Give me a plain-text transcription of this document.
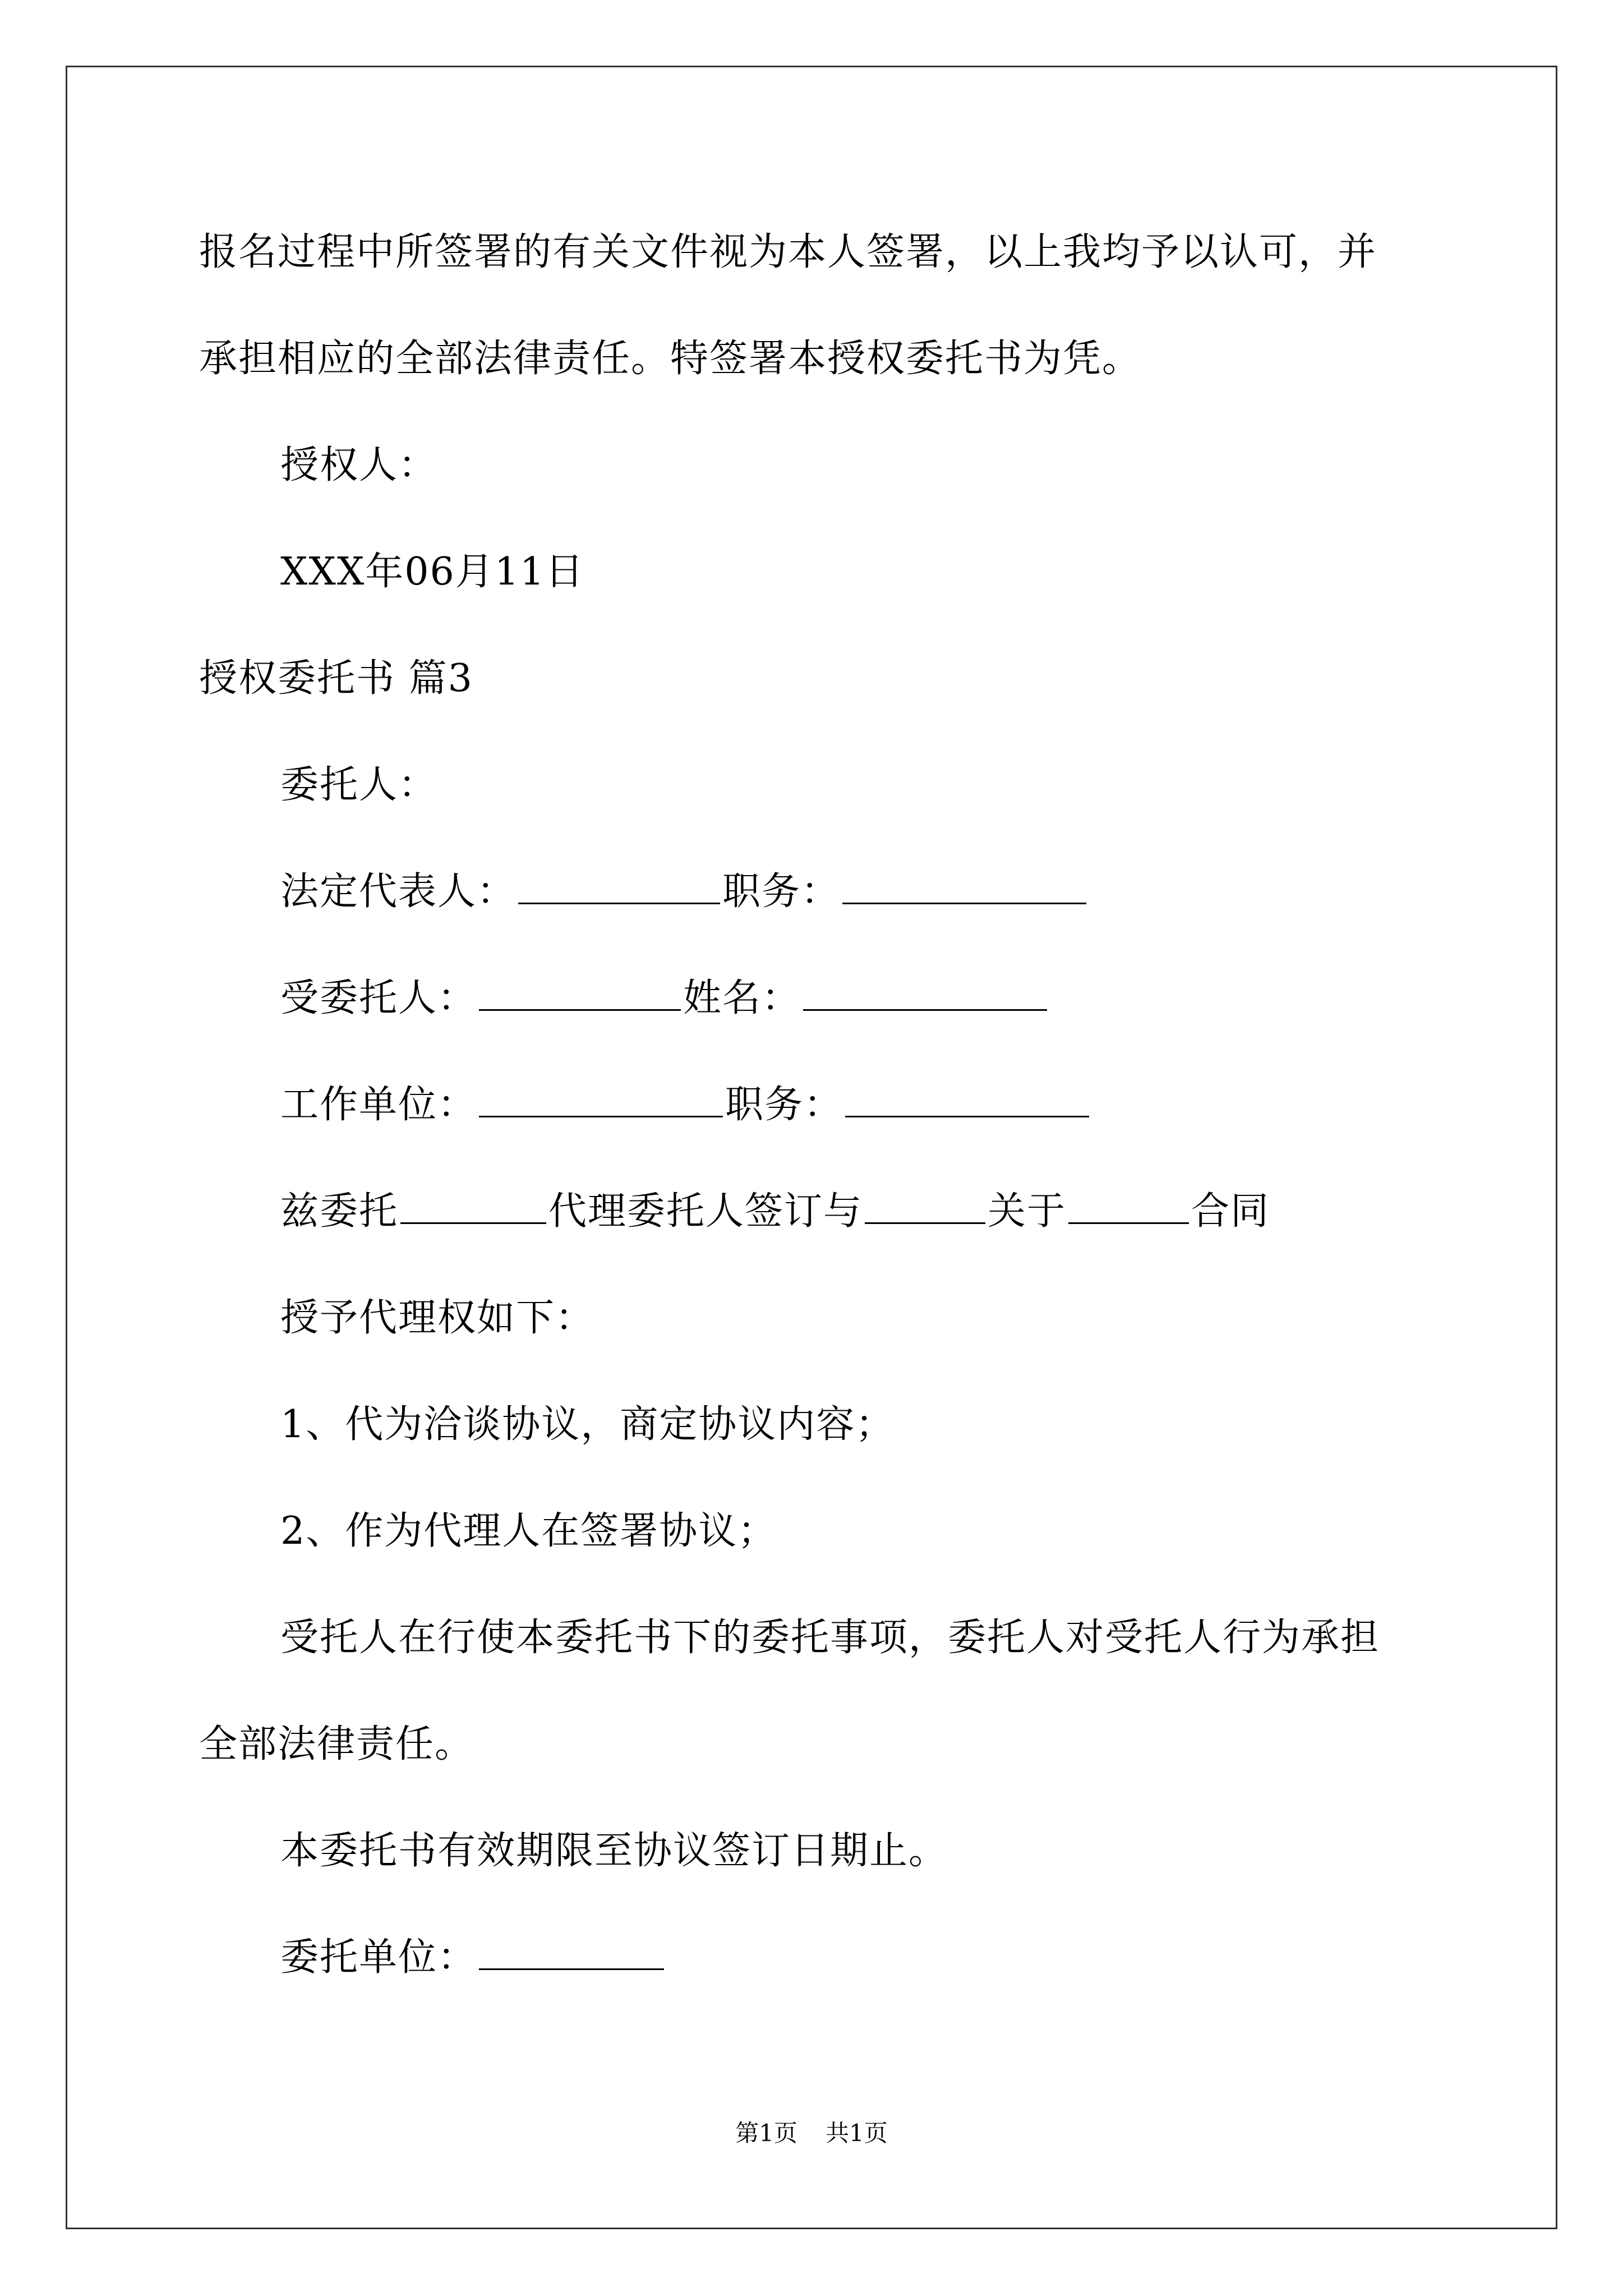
报名过程中所签署的有关文件视为本人签署，以上我均予以认可，并
承担相应的全部法律责任。特签署本授权委托书为凭。
授权人：
XXX年06月11日
授权委托书 篇3
委托人：
法定代表人：	职务：
受委托人：	姓名：
工作单位：	职务：
兹委托	代理委托人签订与	关于	合同
授予代理权如下：
1、代为洽谈协议，商定协议内容；
2、作为代理人在签署协议；
受托人在行使本委托书下的委托事项，委托人对受托人行为承担
全部法律责任。
本委托书有效期限至协议签订日期止。
委托单位：
第1页 共1页
